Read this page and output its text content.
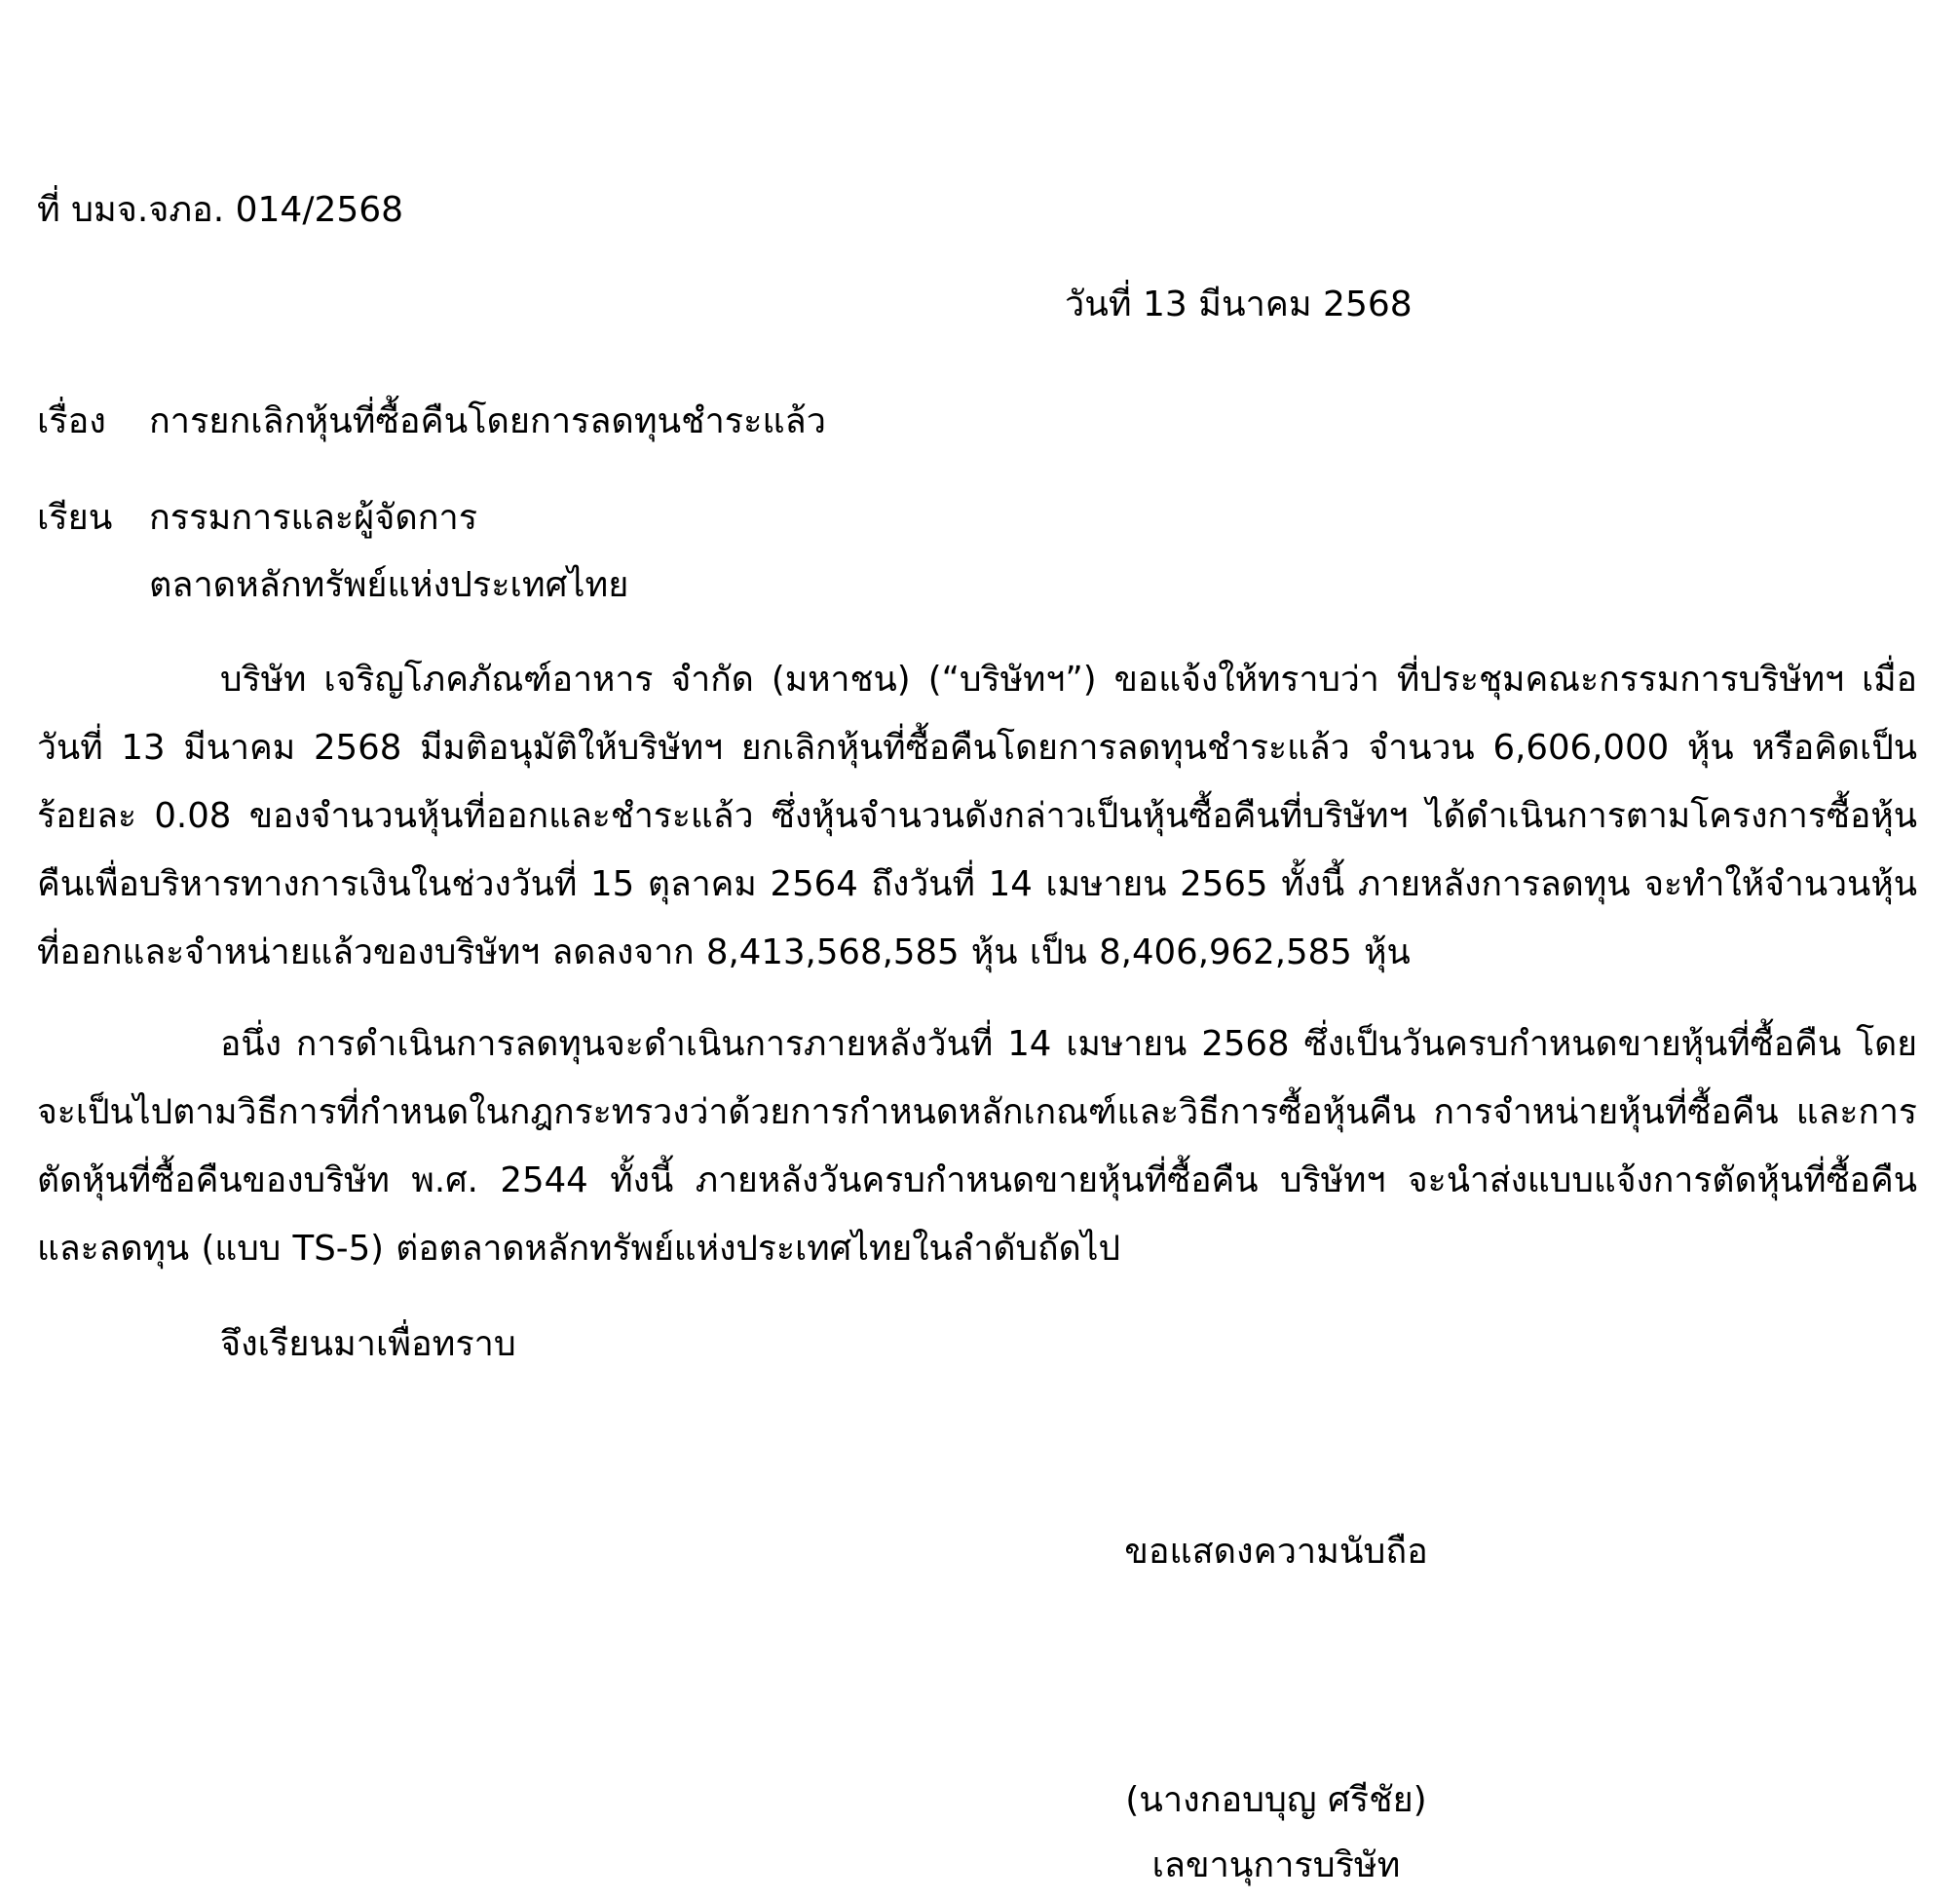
ที่ บมจ.จภอ. 014/2568
วันที่ 13 มีนาคม 2568
เรื่อง การยกเลิกหุ้นที่ซื้อคืนโดยการลดทุนชำระแล้ว
เรียน กรรมการและผู้จัดการ
ตลาดหลักทรัพย์แห่งประเทศไทย
บริษัท เจริญโภคภัณฑ์อาหาร จำกัด (มหาชน) (“บริษัทฯ”) ขอแจ้งให้ทราบว่า ที่ประชุมคณะกรรมการบริษัทฯ เมื่อวันที่ 13 มีนาคม 2568 มีมติอนุมัติให้บริษัทฯ ยกเลิกหุ้นที่ซื้อคืนโดยการลดทุนชำระแล้ว จำนวน 6,606,000 หุ้น หรือคิดเป็นร้อยละ 0.08 ของจำนวนหุ้นที่ออกและชำระแล้ว ซึ่งหุ้นจำนวนดังกล่าวเป็นหุ้นซื้อคืนที่บริษัทฯ ได้ดำเนินการตามโครงการซื้อหุ้นคืนเพื่อบริหารทางการเงินในช่วงวันที่ 15 ตุลาคม 2564 ถึงวันที่ 14 เมษายน 2565 ทั้งนี้ ภายหลังการลดทุน จะทำให้จำนวนหุ้นที่ออกและจำหน่ายแล้วของบริษัทฯ ลดลงจาก 8,413,568,585 หุ้น เป็น 8,406,962,585 หุ้น
อนึ่ง การดำเนินการลดทุนจะดำเนินการภายหลังวันที่ 14 เมษายน 2568 ซึ่งเป็นวันครบกำหนดขายหุ้นที่ซื้อคืน โดยจะเป็นไปตามวิธีการที่กำหนดในกฎกระทรวงว่าด้วยการกำหนดหลักเกณฑ์และวิธีการซื้อหุ้นคืน การจำหน่ายหุ้นที่ซื้อคืน และการตัดหุ้นที่ซื้อคืนของบริษัท พ.ศ. 2544 ทั้งนี้ ภายหลังวันครบกำหนดขายหุ้นที่ซื้อคืน บริษัทฯ จะนำส่งแบบแจ้งการตัดหุ้นที่ซื้อคืนและลดทุน (แบบ TS-5) ต่อตลาดหลักทรัพย์แห่งประเทศไทยในลำดับถัดไป
จึงเรียนมาเพื่อทราบ
ขอแสดงความนับถือ
(นางกอบบุญ ศรีชัย)
เลขานุการบริษัท
